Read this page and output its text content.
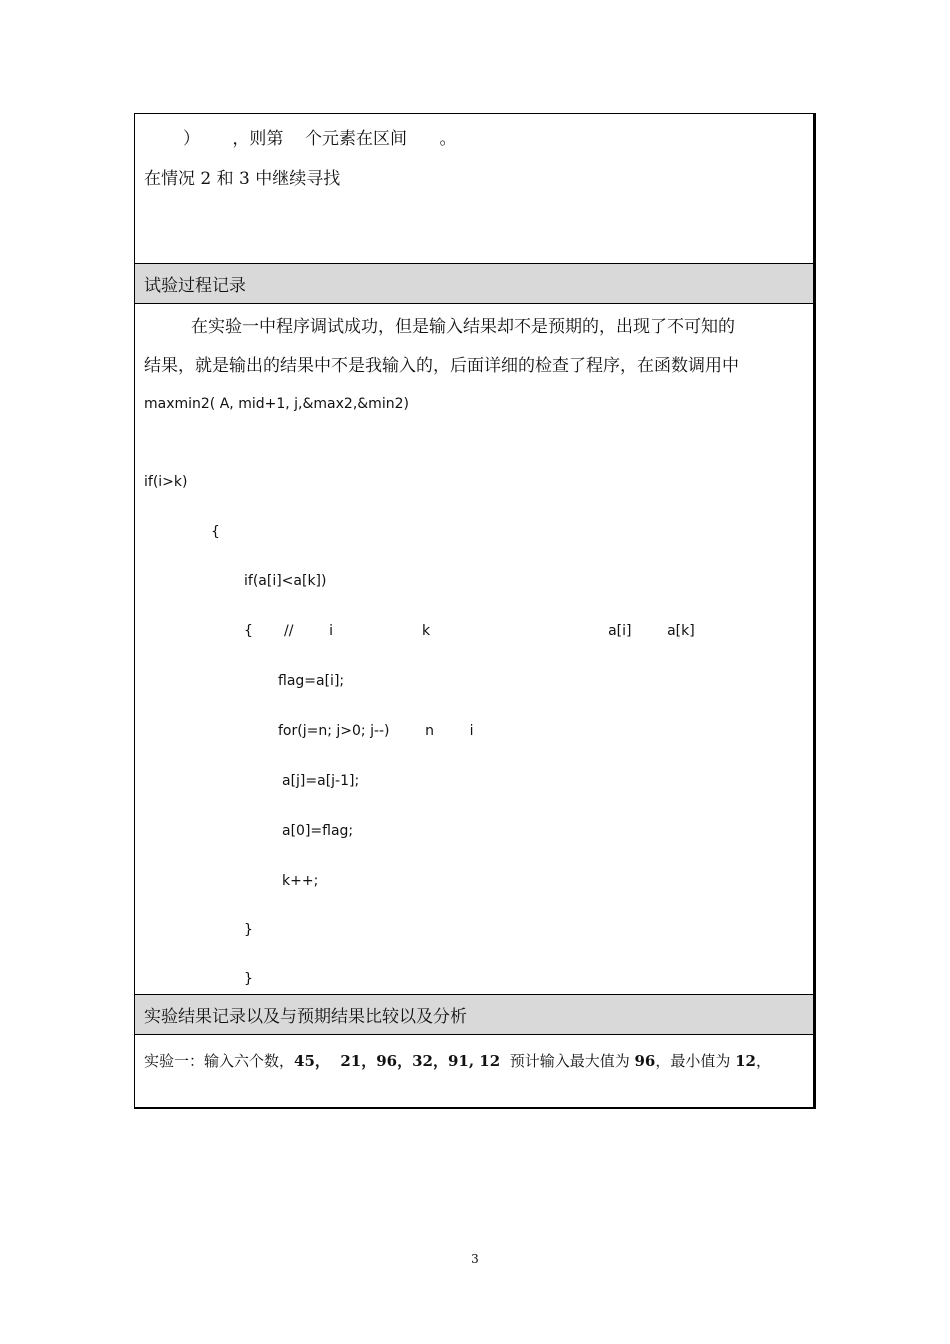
）      ，则第    个元素在区间      。
在情况 2 和 3 中继续寻找
试验过程记录
在实验一中程序调试成功，但是输入结果却不是预期的，出现了不可知的
结果，就是输出的结果中不是我输入的，后面详细的检查了程序，在函数调用中
maxmin2( A, mid+1, j,&max2,&min2)
if(i>k)
{
if(a[i]<a[k])
{       //        i                    k                                        a[i]        a[k]
flag=a[i];
for(j=n; j>0; j--)        n        i
a[j]=a[j-1];
a[0]=flag;
k++;
}
}
实验结果记录以及与预期结果比较以及分析
实验一：输入六个数，45，  21，96，32，91, 12  预计输入最大值为 96，最小值为 12，
3
